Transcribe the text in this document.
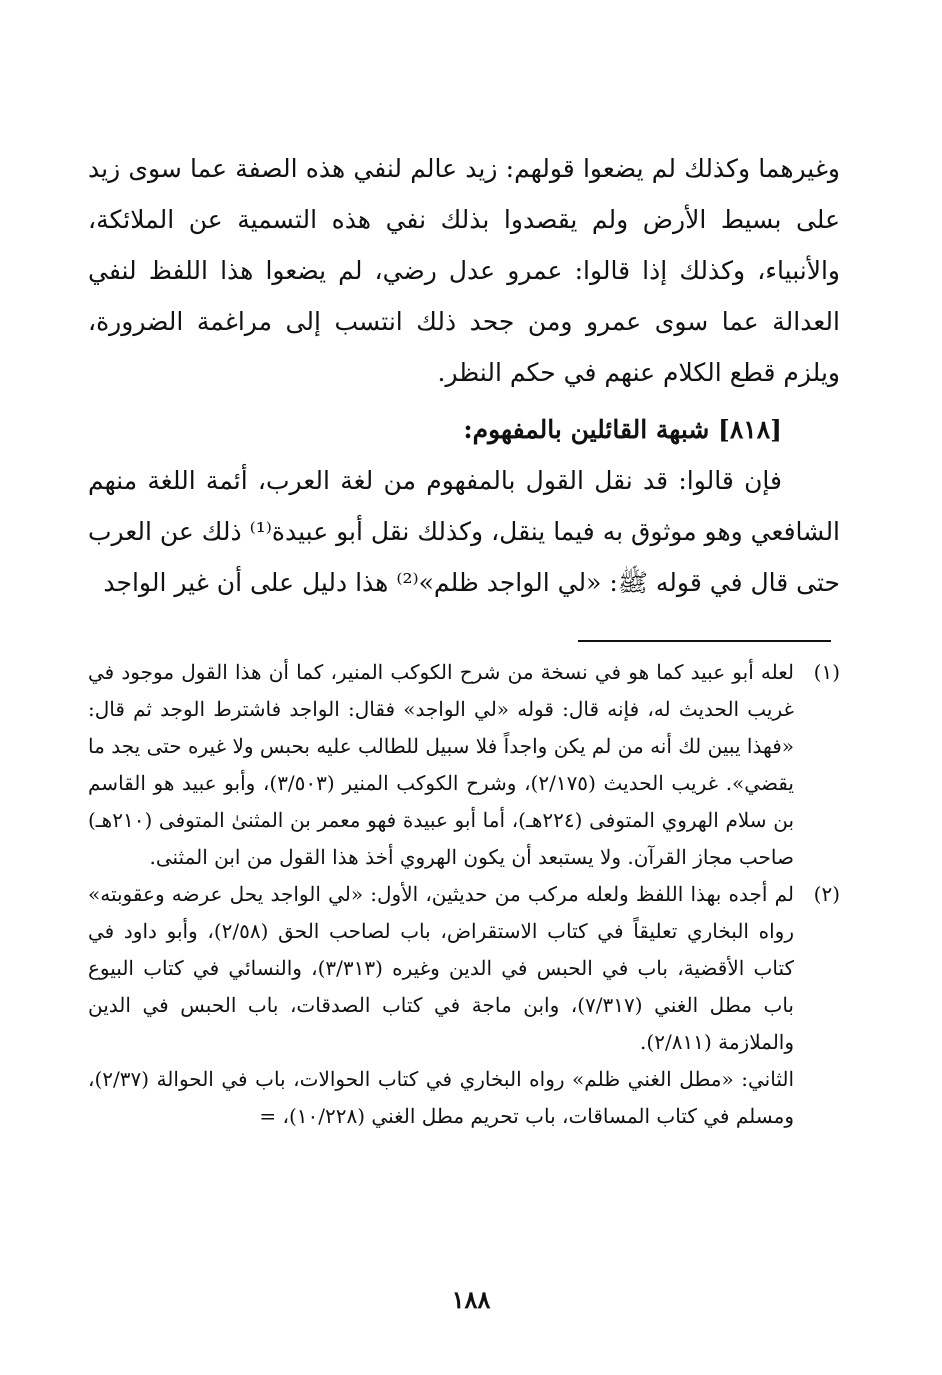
وغيرهما وكذلك لم يضعوا قولهم: زيد عالم لنفي هذه الصفة عما سوى زيد على بسيط الأرض ولم يقصدوا بذلك نفي هذه التسمية عن الملائكة، والأنبياء، وكذلك إذا قالوا: عمرو عدل رضي، لم يضعوا هذا اللفظ لنفي العدالة عما سوى عمرو ومن جحد ذلك انتسب إلى مراغمة الضرورة، ويلزم قطع الكلام عنهم في حكم النظر.

[٨١٨] شبهة القائلين بالمفهوم:

فإن قالوا: قد نقل القول بالمفهوم من لغة العرب، أئمة اللغة منهم الشافعي وهو موثوق به فيما ينقل، وكذلك نقل أبو عبيدة⁽¹⁾ ذلك عن العرب حتى قال في قوله ﷺ: «لي الواجد ظلم»⁽²⁾ هذا دليل على أن غير الواجد

(١)

لعله أبو عبيد كما هو في نسخة من شرح الكوكب المنير، كما أن هذا القول موجود في غريب الحديث له، فإنه قال: قوله «لي الواجد» فقال: الواجد فاشترط الوجد ثم قال: «فهذا يبين لك أنه من لم يكن واجداً فلا سبيل للطالب عليه بحبس ولا غيره حتى يجد ما يقضي». غريب الحديث (٢/١٧٥)، وشرح الكوكب المنير (٣/٥٠٣)، وأبو عبيد هو القاسم بن سلام الهروي المتوفى (٢٢٤هـ)، أما أبو عبيدة فهو معمر بن المثنىٰ المتوفى (٢١٠هـ) صاحب مجاز القرآن. ولا يستبعد أن يكون الهروي أخذ هذا القول من ابن المثنى.

(٢)

لم أجده بهذا اللفظ ولعله مركب من حديثين، الأول: «لي الواجد يحل عرضه وعقوبته» رواه البخاري تعليقاً في كتاب الاستقراض، باب لصاحب الحق (٢/٥٨)، وأبو داود في كتاب الأقضية، باب في الحبس في الدين وغيره (٣/٣١٣)، والنسائي في كتاب البيوع باب مطل الغني (٧/٣١٧)، وابن ماجة في كتاب الصدقات، باب الحبس في الدين والملازمة (٢/٨١١).

الثاني: «مطل الغني ظلم» رواه البخاري في كتاب الحوالات، باب في الحوالة (٢/٣٧)، ومسلم في كتاب المساقات، باب تحريم مطل الغني (١٠/٢٢٨)، =

١٨٨
